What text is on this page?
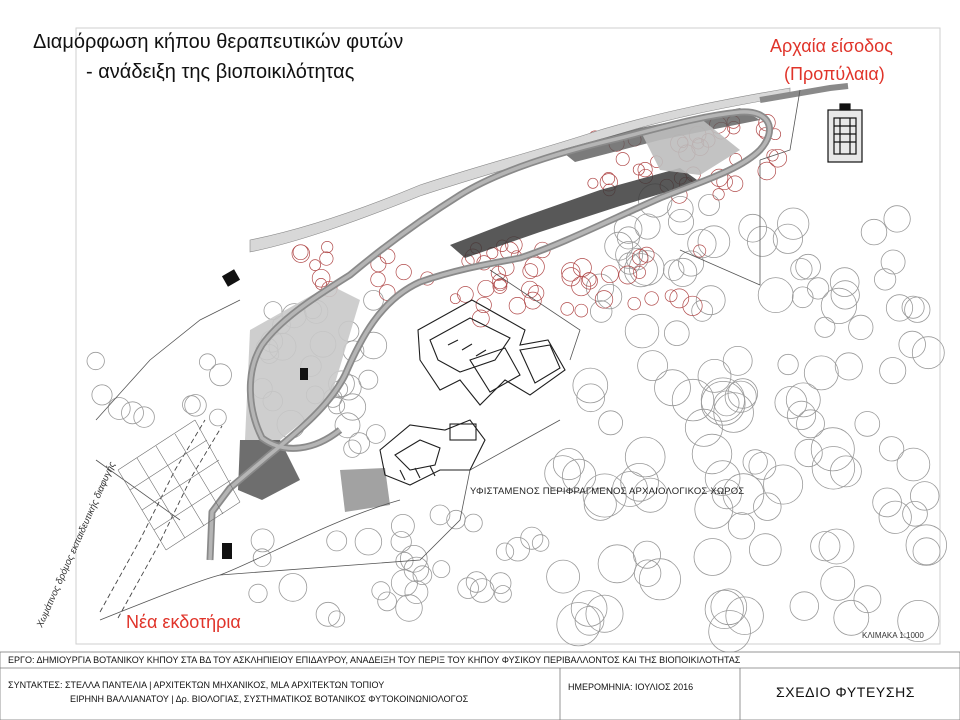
ΥΦΙΣΤΑΜΕΝΟΣ ΠΕΡΙΦΡΑΓΜΕΝΟΣ ΑΡΧΑΙΟΛΟΓΙΚΟΣ ΧΩΡΟΣ
Χωμάτινος δρόμος εκπαιδευτικής διαφυγής
ΚΛΙΜΑΚΑ 1:1000
Διαμόρφωση κήπου θεραπευτικών φυτών
- ανάδειξη της βιοποικιλότητας
Αρχαία είσοδος
(Προπύλαια)
Νέα εκδοτήρια
ΕΡΓΟ: ΔΗΜΙΟΥΡΓΙΑ ΒΟΤΑΝΙΚΟΥ ΚΗΠΟΥ ΣΤΑ ΒΔ ΤΟΥ ΑΣΚΛΗΠΙΕΙΟΥ ΕΠΙΔΑΥΡΟΥ, ΑΝΑΔΕΙΞΗ ΤΟΥ ΠΕΡΙΞ ΤΟΥ ΚΗΠΟΥ ΦΥΣΙΚΟΥ ΠΕΡΙΒΑΛΛΟΝΤΟΣ ΚΑΙ ΤΗΣ ΒΙΟΠΟΙΚΙΛΟΤΗΤΑΣ
ΣΥΝΤΑΚΤΕΣ: ΣΤΕΛΛΑ ΠΑΝΤΕΛΙΑ | ΑΡΧΙΤΕΚΤΩΝ ΜΗΧΑΝΙΚΟΣ, MLA ΑΡΧΙΤΕΚΤΩΝ ΤΟΠΙΟΥ
ΕΙΡΗΝΗ ΒΑΛΛΙΑΝΑΤΟΥ | Δρ. ΒΙΟΛΟΓΙΑΣ, ΣΥΣΤΗΜΑΤΙΚΟΣ ΒΟΤΑΝΙΚΟΣ ΦΥΤΟΚΟΙΝΩΝΙΟΛΟΓΟΣ
ΗΜΕΡΟΜΗΝΙΑ: ΙΟΥΛΙΟΣ 2016	ΣΧΕΔΙΟ ΦΥΤΕΥΣΗΣ
